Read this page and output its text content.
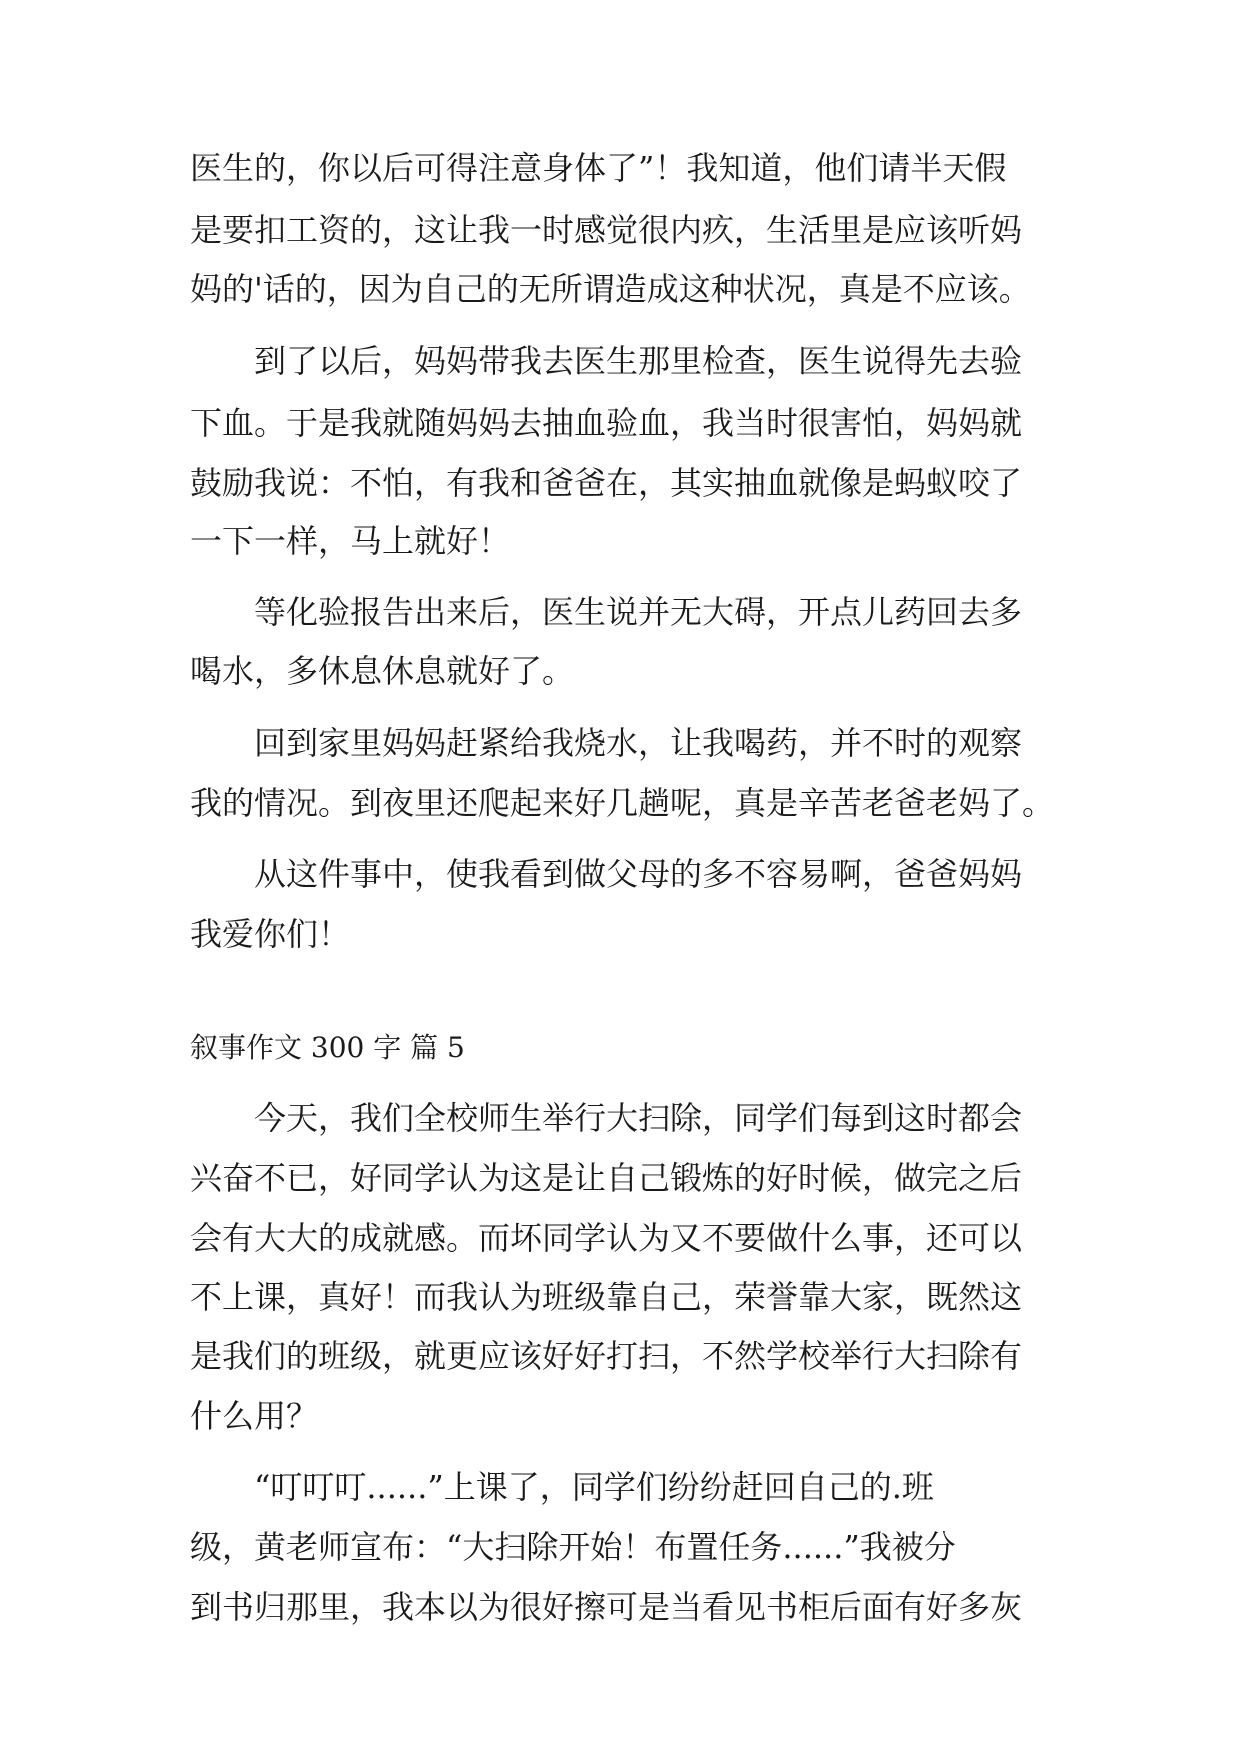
医生的，你以后可得注意身体了”！我知道，他们请半天假
是要扣工资的，这让我一时感觉很内疚，生活里是应该听妈
妈的'话的，因为自己的无所谓造成这种状况，真是不应该。
　　到了以后，妈妈带我去医生那里检查，医生说得先去验
下血。于是我就随妈妈去抽血验血，我当时很害怕，妈妈就
鼓励我说：不怕，有我和爸爸在，其实抽血就像是蚂蚁咬了
一下一样，马上就好！
　　等化验报告出来后，医生说并无大碍，开点儿药回去多
喝水，多休息休息就好了。
　　回到家里妈妈赶紧给我烧水，让我喝药，并不时的观察
我的情况。到夜里还爬起来好几趟呢，真是辛苦老爸老妈了。
　　从这件事中，使我看到做父母的多不容易啊，爸爸妈妈
我爱你们！
叙事作文 300 字 篇 5
　　今天，我们全校师生举行大扫除，同学们每到这时都会
兴奋不已，好同学认为这是让自己锻炼的好时候，做完之后
会有大大的成就感。而坏同学认为又不要做什么事，还可以
不上课，真好！而我认为班级靠自己，荣誉靠大家，既然这
是我们的班级，就更应该好好打扫，不然学校举行大扫除有
什么用？
　　“叮叮叮......”上课了，同学们纷纷赶回自己的.班
级，黄老师宣布：“大扫除开始！布置任务......”我被分
到书归那里，我本以为很好擦可是当看见书柜后面有好多灰
